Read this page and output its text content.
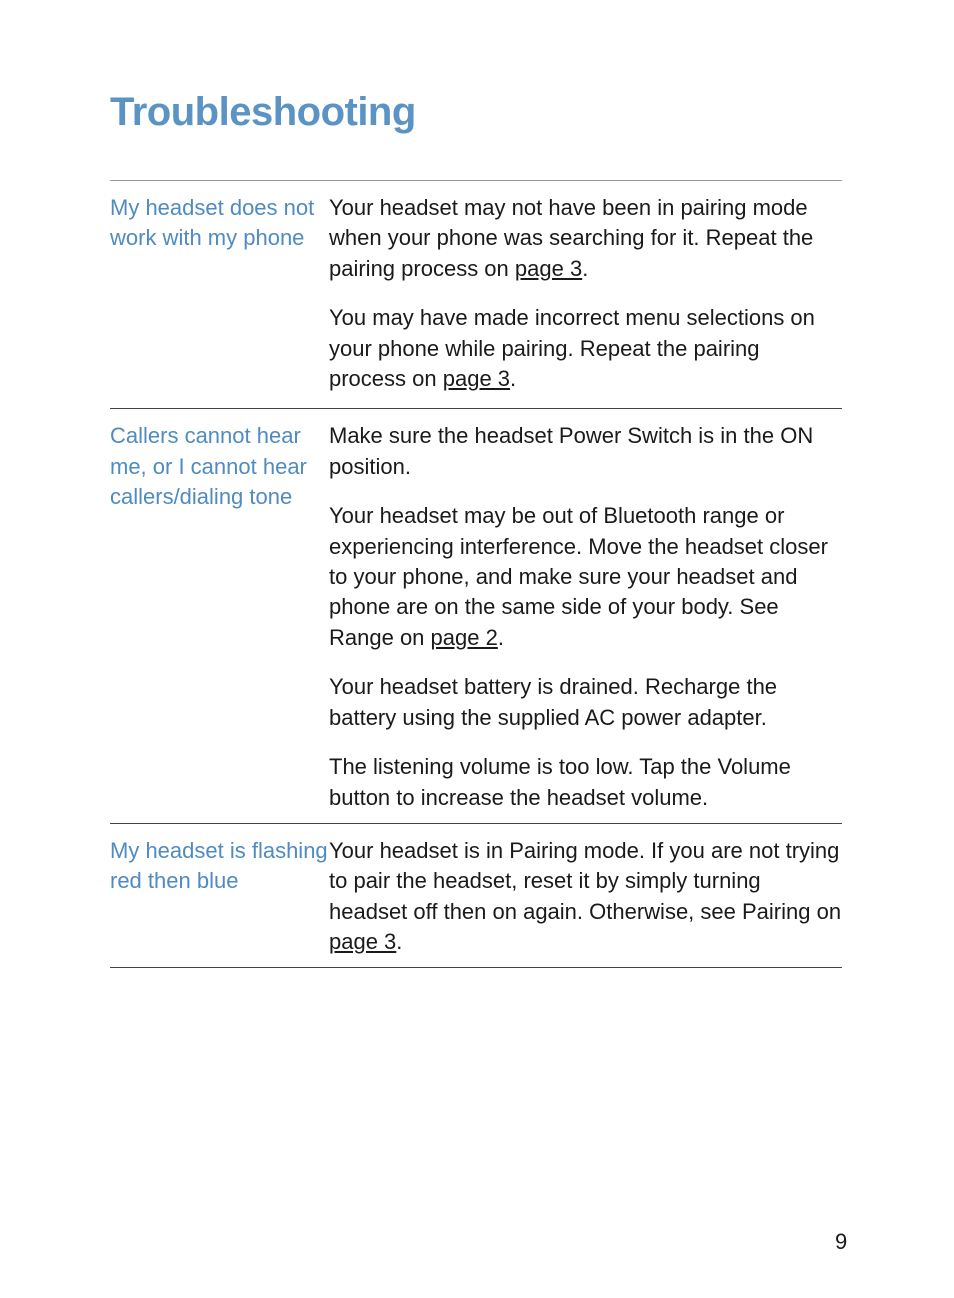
Troubleshooting
My headset does not work with my phone

Your headset may not have been in pairing mode when your phone was searching for it. Repeat the pairing process on page 3.

You may have made incorrect menu selections on your phone while pairing. Repeat the pairing process on page 3.

Callers cannot hear me, or I cannot hear callers/dialing tone

Make sure the headset Power Switch is in the ON position.

Your headset may be out of Bluetooth range or experiencing interference. Move the headset closer to your phone, and make sure your headset and phone are on the same side of your body. See Range on page 2.

Your headset battery is drained. Recharge the battery using the supplied AC power adapter.

The listening volume is too low. Tap the Volume button to increase the headset volume.

My headset is flashing red then blue

Your headset is in Pairing mode. If you are not trying to pair the headset, reset it by simply turning headset off then on again. Otherwise, see Pairing on page 3.

9
